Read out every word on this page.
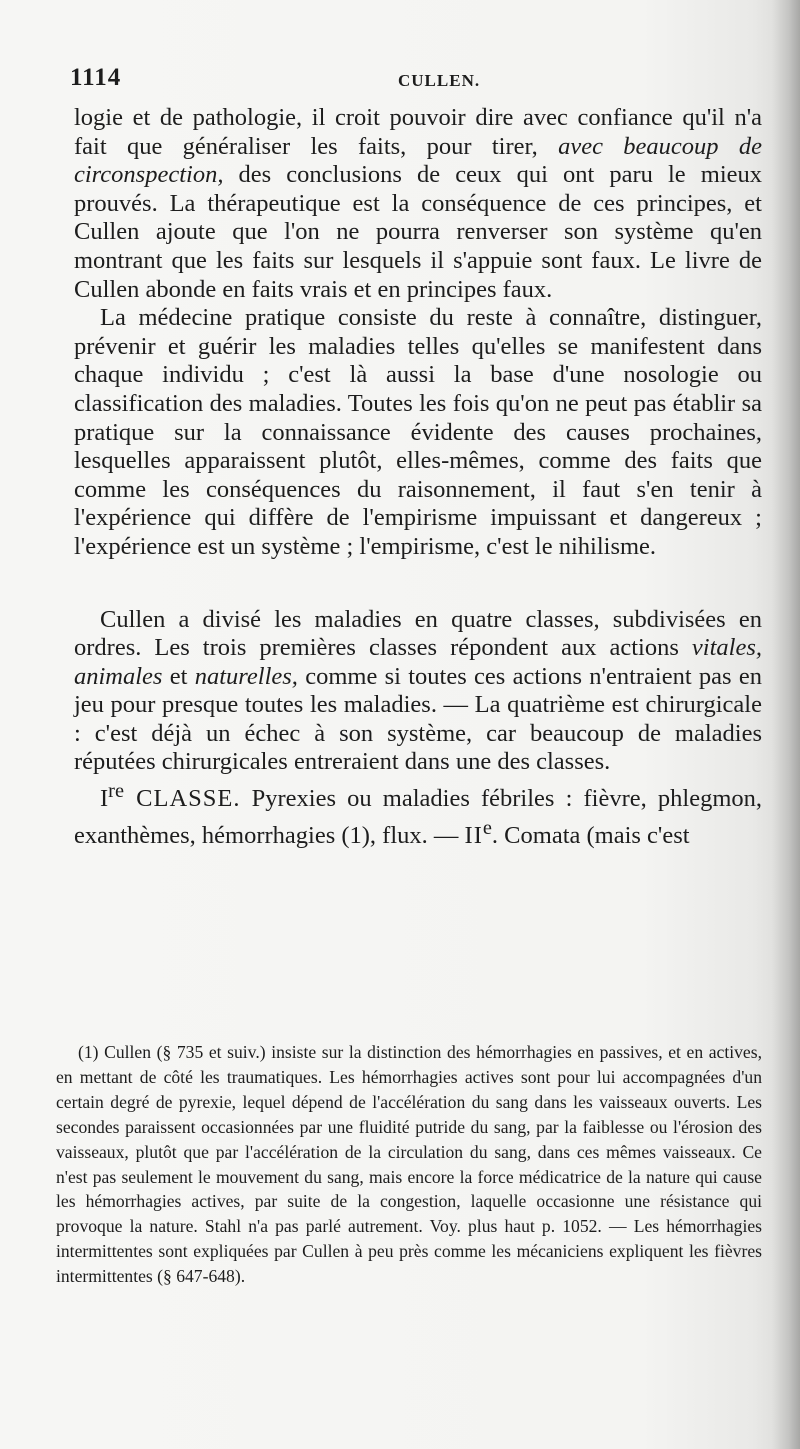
1114	CULLEN.

logie et de pathologie, il croit pouvoir dire avec confiance qu'il n'a fait que généraliser les faits, pour tirer, avec beaucoup de circonspection, des conclusions de ceux qui ont paru le mieux prouvés. La thérapeutique est la conséquence de ces principes, et Cullen ajoute que l'on ne pourra renverser son système qu'en montrant que les faits sur lesquels il s'appuie sont faux. Le livre de Cullen abonde en faits vrais et en principes faux.

La médecine pratique consiste du reste à connaître, distinguer, prévenir et guérir les maladies telles qu'elles se manifestent dans chaque individu ; c'est là aussi la base d'une nosologie ou classification des maladies. Toutes les fois qu'on ne peut pas établir sa pratique sur la connaissance évidente des causes prochaines, lesquelles apparaissent plutôt, elles-mêmes, comme des faits que comme les conséquences du raisonnement, il faut s'en tenir à l'expérience qui diffère de l'empirisme impuissant et dangereux ; l'expérience est un système ; l'empirisme, c'est le nihilisme.

Cullen a divisé les maladies en quatre classes, subdivisées en ordres. Les trois premières classes répondent aux actions vitales, animales et naturelles, comme si toutes ces actions n'entraient pas en jeu pour presque toutes les maladies. — La quatrième est chirurgicale : c'est déjà un échec à son système, car beaucoup de maladies réputées chirurgicales entreraient dans une des classes.

Ire CLASSE. Pyrexies ou maladies fébriles : fièvre, phlegmon, exanthèmes, hémorrhagies (1), flux. — IIe. Comata (mais c'est

(1) Cullen (§ 735 et suiv.) insiste sur la distinction des hémorrhagies en passives, et en actives, en mettant de côté les traumatiques. Les hémorrhagies actives sont pour lui accompagnées d'un certain degré de pyrexie, lequel dépend de l'accélération du sang dans les vaisseaux ouverts. Les secondes paraissent occasionnées par une fluidité putride du sang, par la faiblesse ou l'érosion des vaisseaux, plutôt que par l'accélération de la circulation du sang, dans ces mêmes vaisseaux. Ce n'est pas seulement le mouvement du sang, mais encore la force médicatrice de la nature qui cause les hémorrhagies actives, par suite de la congestion, laquelle occasionne une résistance qui provoque la nature. Stahl n'a pas parlé autrement. Voy. plus haut p. 1052. — Les hémorrhagies intermittentes sont expliquées par Cullen à peu près comme les mécaniciens expliquent les fièvres intermittentes (§ 647-648).
